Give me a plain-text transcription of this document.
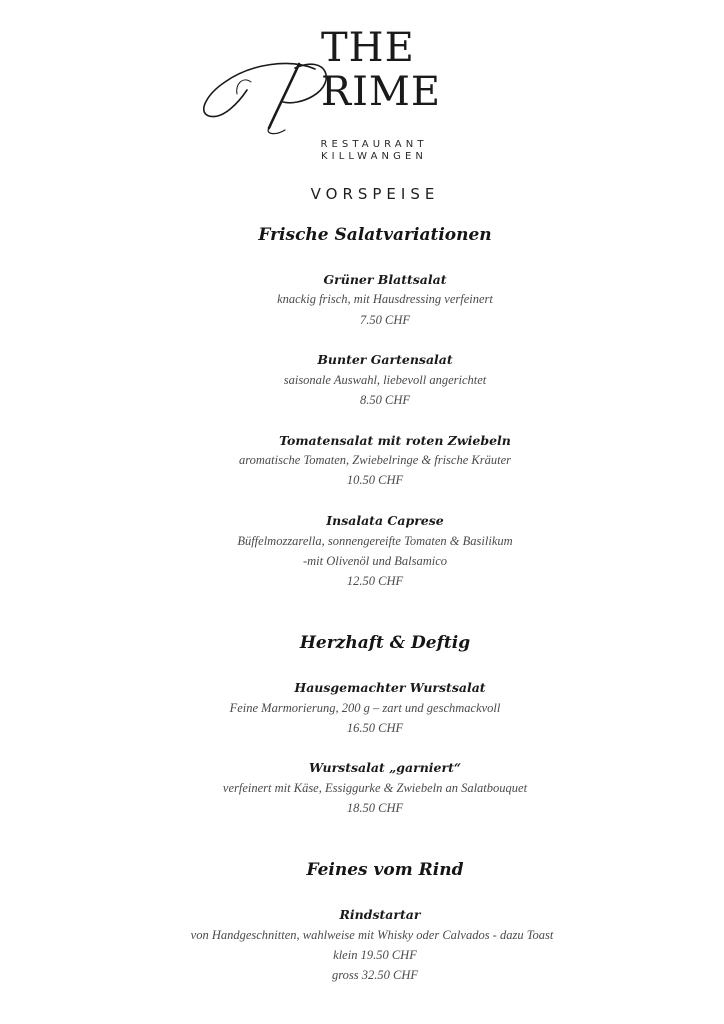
THE
RIME
RESTAURANT
KILLWANGEN
VORSPEISE
Frische Salatvariationen
Grüner Blattsalat
knackig frisch, mit Hausdressing verfeinert
7.50 CHF
Bunter Gartensalat
saisonale Auswahl, liebevoll angerichtet
8.50 CHF
Tomatensalat mit roten Zwiebeln
aromatische Tomaten, Zwiebelringe & frische Kräuter
10.50 CHF
Insalata Caprese
Büffelmozzarella, sonnengereifte Tomaten & Basilikum
-mit Olivenöl und Balsamico
12.50 CHF
Herzhaft & Deftig
Hausgemachter Wurstsalat
Feine Marmorierung, 200 g – zart und geschmackvoll
16.50 CHF
Wurstsalat „garniert“
verfeinert mit Käse, Essiggurke & Zwiebeln an Salatbouquet
18.50 CHF
Feines vom Rind
Rindstartar
von Handgeschnitten, wahlweise mit Whisky oder Calvados - dazu Toast
klein 19.50 CHF
gross 32.50 CHF
